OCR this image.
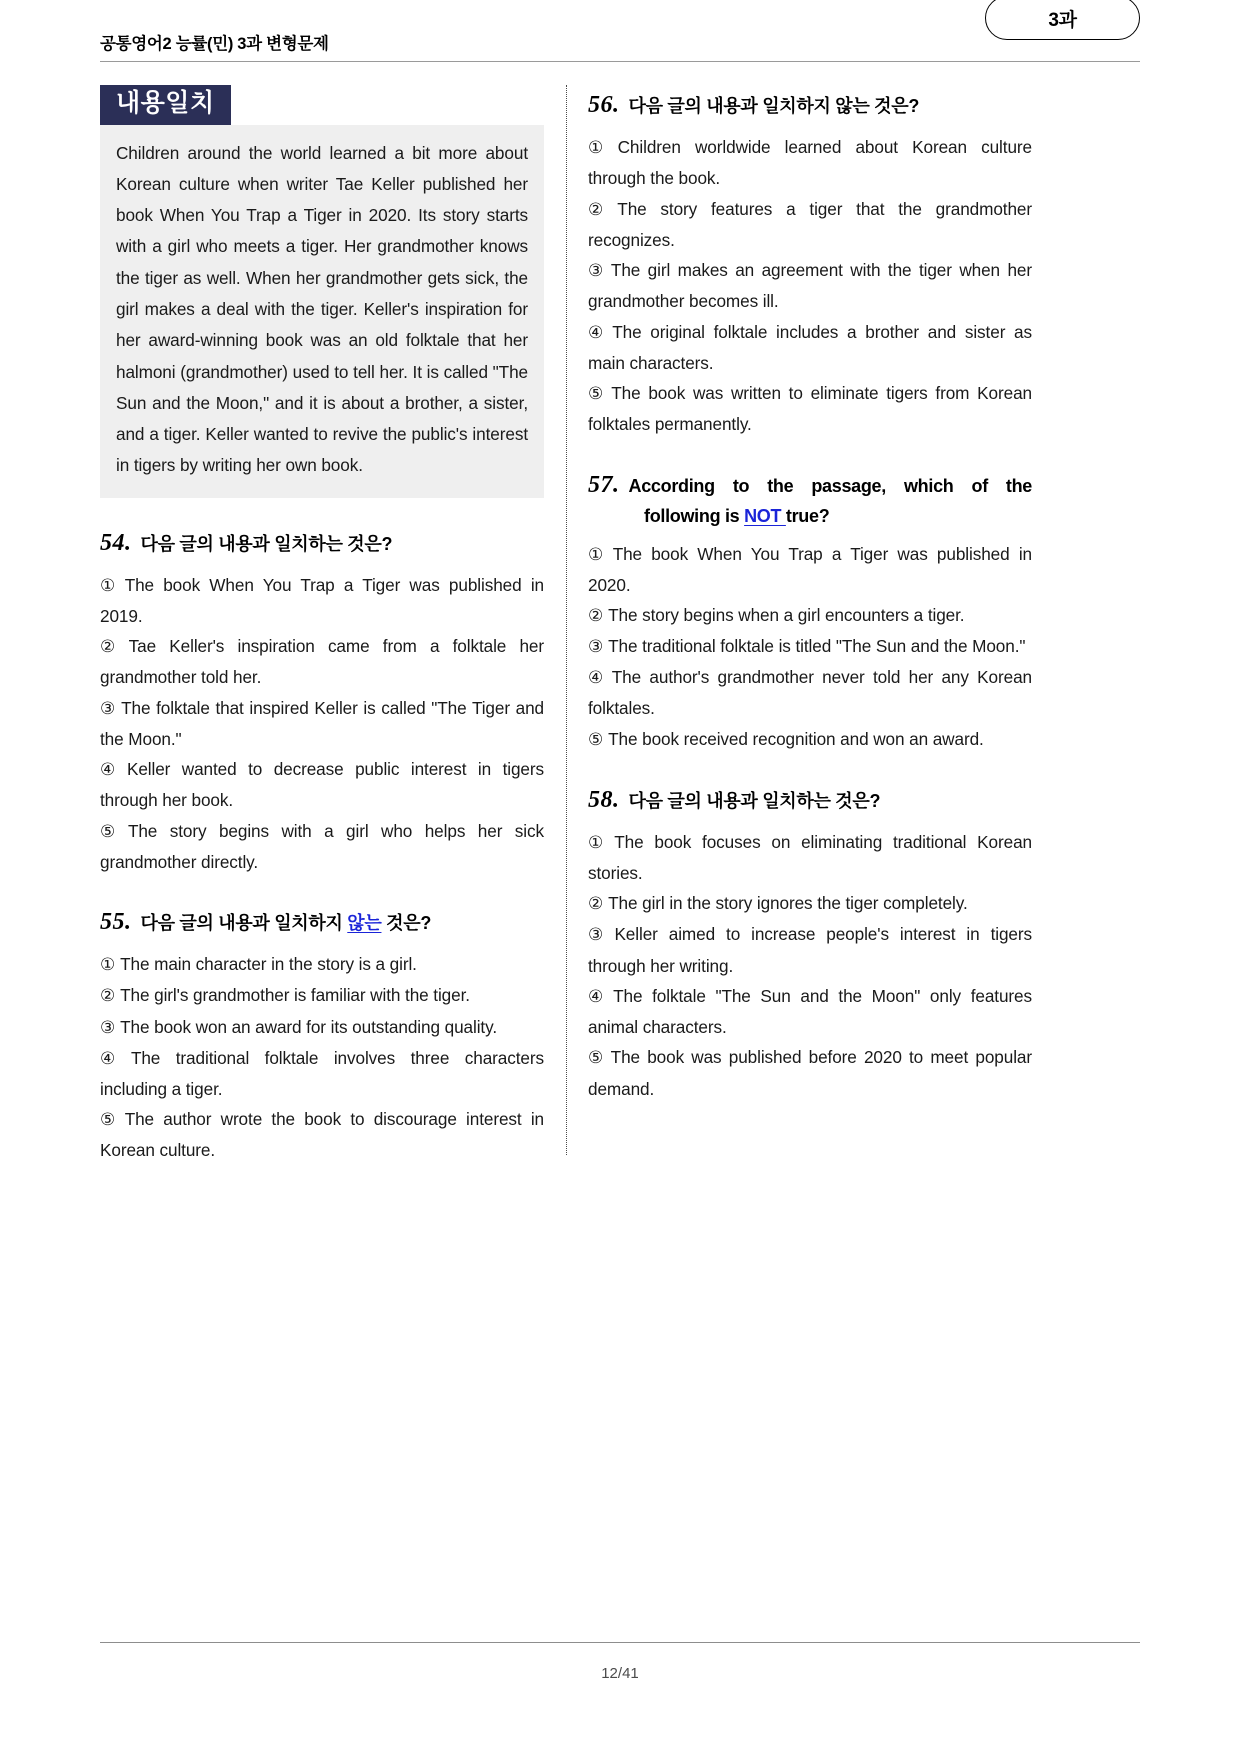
공통영어2 능률(민) 3과 변형문제
3과
내용일치
Children around the world learned a bit more about Korean culture when writer Tae Keller published her book When You Trap a Tiger in 2020. Its story starts with a girl who meets a tiger. Her grandmother knows the tiger as well. When her grandmother gets sick, the girl makes a deal with the tiger. Keller's inspiration for her award-winning book was an old folktale that her halmoni (grandmother) used to tell her. It is called "The Sun and the Moon," and it is about a brother, a sister, and a tiger. Keller wanted to revive the public's interest in tigers by writing her own book.
54. 다음 글의 내용과 일치하는 것은?
① The book When You Trap a Tiger was published in 2019.
② Tae Keller's inspiration came from a folktale her grandmother told her.
③ The folktale that inspired Keller is called "The Tiger and the Moon."
④ Keller wanted to decrease public interest in tigers through her book.
⑤ The story begins with a girl who helps her sick grandmother directly.
55. 다음 글의 내용과 일치하지 않는 것은?
① The main character in the story is a girl.
② The girl's grandmother is familiar with the tiger.
③ The book won an award for its outstanding quality.
④ The traditional folktale involves three characters including a tiger.
⑤ The author wrote the book to discourage interest in Korean culture.
56. 다음 글의 내용과 일치하지 않는 것은?
① Children worldwide learned about Korean culture through the book.
② The story features a tiger that the grandmother recognizes.
③ The girl makes an agreement with the tiger when her grandmother becomes ill.
④ The original folktale includes a brother and sister as main characters.
⑤ The book was written to eliminate tigers from Korean folktales permanently.
57. According to the passage, which of the following is NOT true?
① The book When You Trap a Tiger was published in 2020.
② The story begins when a girl encounters a tiger.
③ The traditional folktale is titled "The Sun and the Moon."
④ The author's grandmother never told her any Korean folktales.
⑤ The book received recognition and won an award.
58. 다음 글의 내용과 일치하는 것은?
① The book focuses on eliminating traditional Korean stories.
② The girl in the story ignores the tiger completely.
③ Keller aimed to increase people's interest in tigers through her writing.
④ The folktale "The Sun and the Moon" only features animal characters.
⑤ The book was published before 2020 to meet popular demand.
12/41
